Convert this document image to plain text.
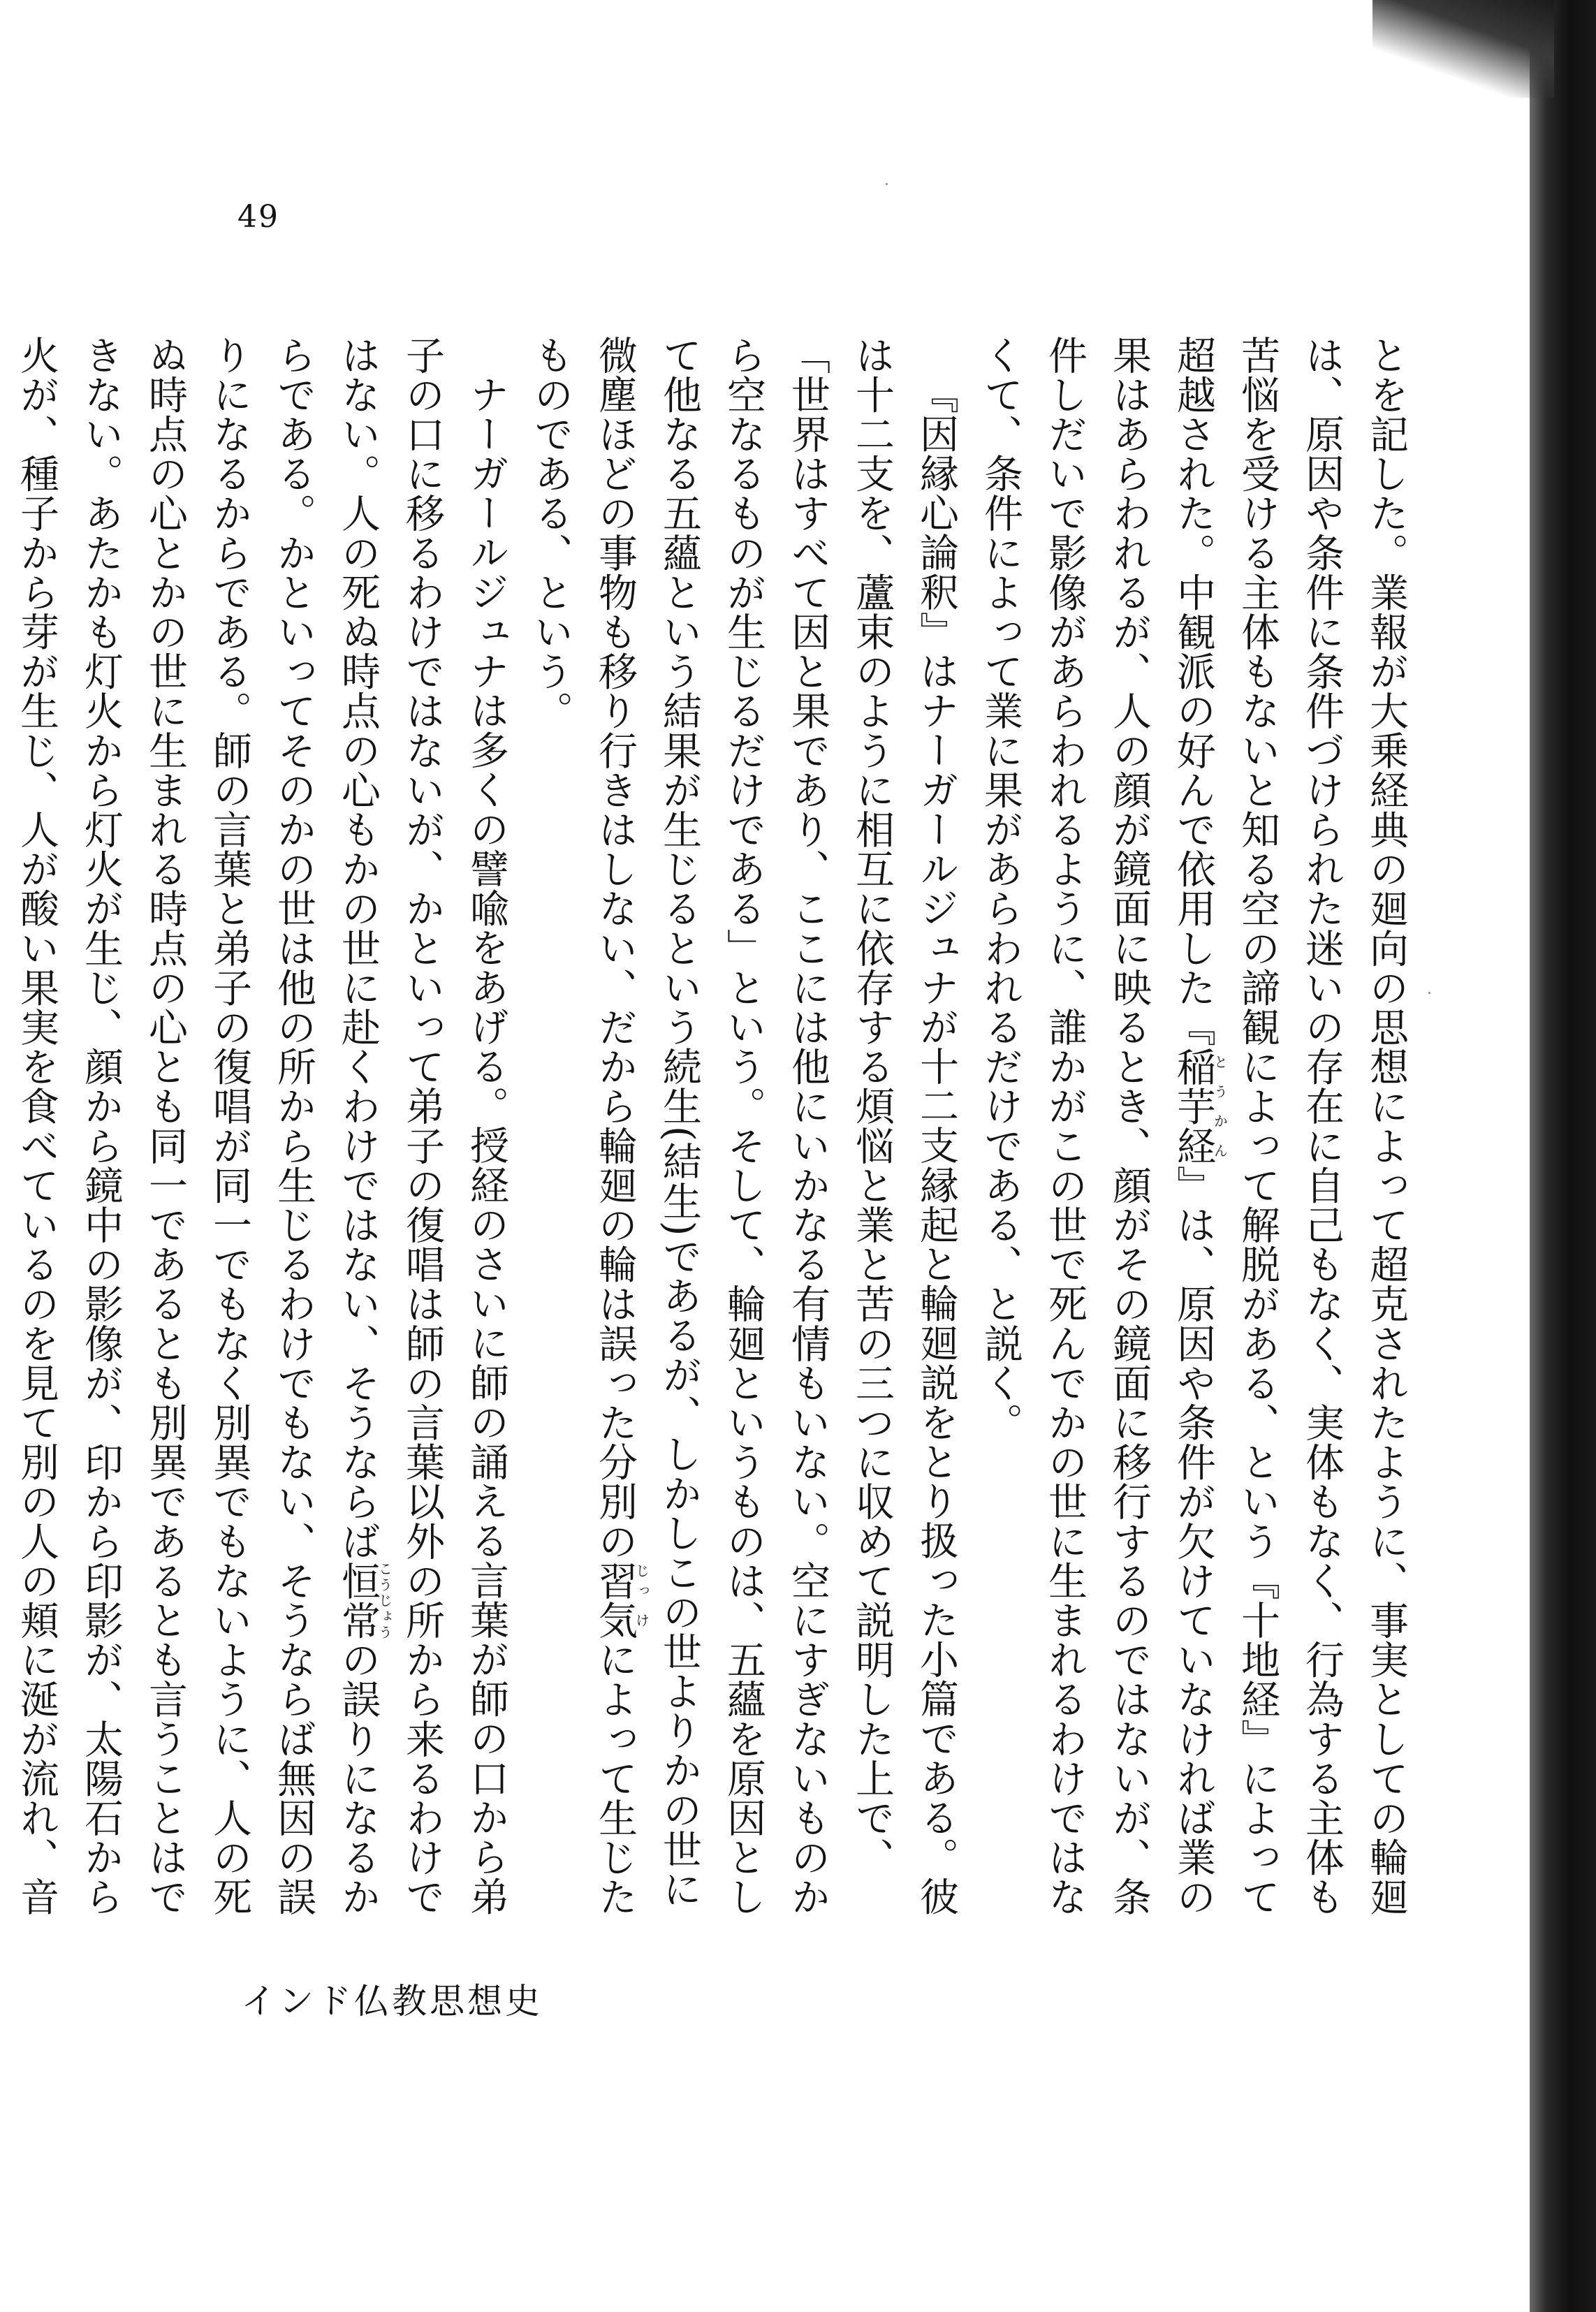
49

とを記した。業報が大乗経典の廻向の思想によって超克されたように、事実としての輪廻は、原因や条件に条件づけられた迷いの存在に自己もなく、実体もなく、行為する主体も苦悩を受ける主体もないと知る空の諦観によって解脱がある、という『十地経』によって超越された。中観派の好んで依用した『稲芋経とうかん』は、原因や条件が欠けていなければ業の果はあらわれるが、人の顔が鏡面に映るとき、顔がその鏡面に移行するのではないが、条件しだいで影像があらわれるように、誰かがこの世で死んでかの世に生まれるわけではなくて、条件によって業に果があらわれるだけである、と説く。

『因縁心論釈』はナーガールジュナが十二支縁起と輪廻説をとり扱った小篇である。彼は十二支を、蘆束のように相互に依存する煩悩と業と苦の三つに収めて説明した上で、「世界はすべて因と果であり、ここには他にいかなる有情もいない。空にすぎないものから空なるものが生じるだけである」という。そして、輪廻というものは、五蘊を原因として他なる五蘊という結果が生じるという続生(結生)であるが、しかしこの世よりかの世に微塵ほどの事物も移り行きはしない、だから輪廻の輪は誤った分別の習じっ気けによって生じたものである、という。

ナーガールジュナは多くの譬喩をあげる。授経のさいに師の誦える言葉が師の口から弟子の口に移るわけではないが、かといって弟子の復唱は師の言葉以外の所から来るわけではない。人の死ぬ時点の心もかの世に赴くわけではない、そうならば恒常こうじょうの誤りになるからである。かといってそのかの世は他の所から生じるわけでもない、そうならば無因の誤りになるからである。師の言葉と弟子の復唱が同一でもなく別異でもないように、人の死ぬ時点の心とかの世に生まれる時点の心とも同一であるとも別異であるとも言うことはできない。あたかも灯火から灯火が生じ、顔から鏡中の影像が、印から印影が、太陽石から火が、種子から芽が生じ、人が酸い果実を食べているのを見て別の人の頬に涎が流れ、音

インド仏教思想史
